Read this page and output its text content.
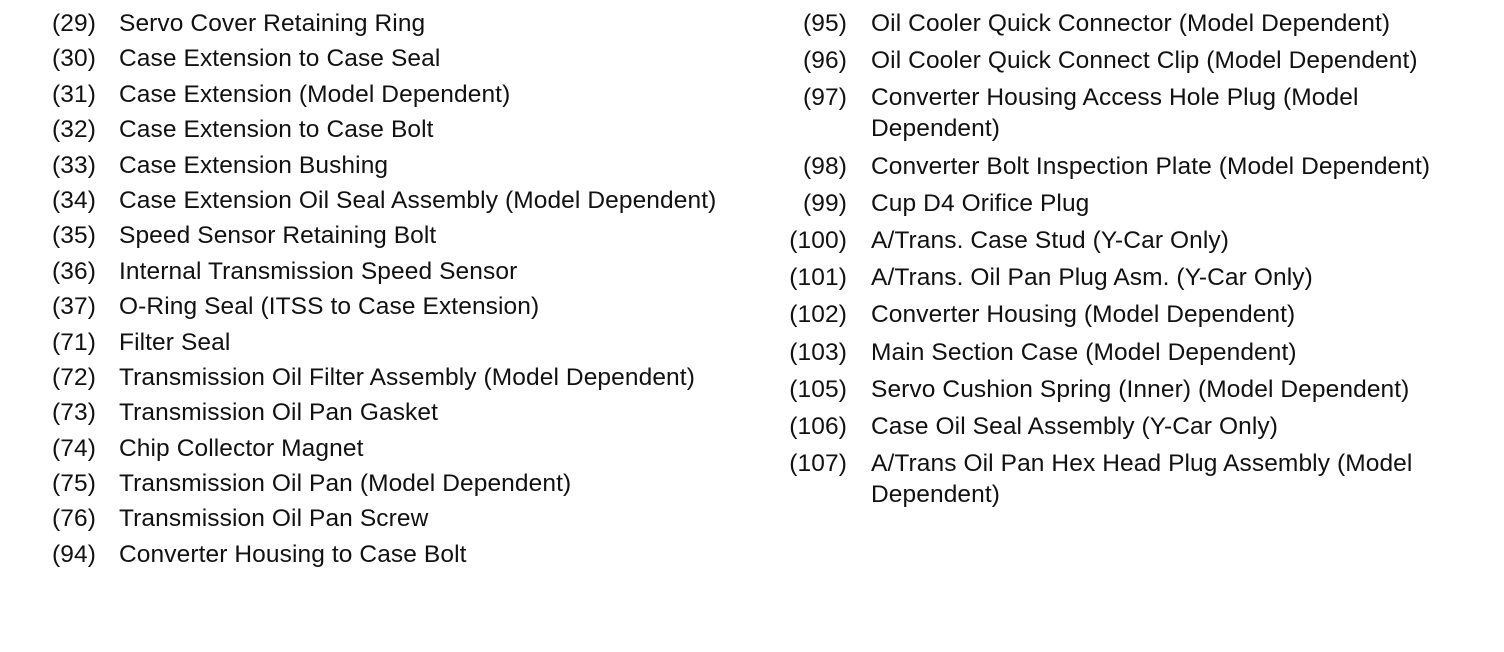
(29) Servo Cover Retaining Ring
(30) Case Extension to Case Seal
(31) Case Extension (Model Dependent)
(32) Case Extension to Case Bolt
(33) Case Extension Bushing
(34) Case Extension Oil Seal Assembly (Model Dependent)
(35) Speed Sensor Retaining Bolt
(36) Internal Transmission Speed Sensor
(37) O-Ring Seal (ITSS to Case Extension)
(71) Filter Seal
(72) Transmission Oil Filter Assembly (Model Dependent)
(73) Transmission Oil Pan Gasket
(74) Chip Collector Magnet
(75) Transmission Oil Pan (Model Dependent)
(76) Transmission Oil Pan Screw
(94) Converter Housing to Case Bolt
(95) Oil Cooler Quick Connector (Model Dependent)
(96) Oil Cooler Quick Connect Clip (Model Dependent)
(97) Converter Housing Access Hole Plug (Model Dependent)
(98) Converter Bolt Inspection Plate (Model Dependent)
(99) Cup D4 Orifice Plug
(100) A/Trans. Case Stud (Y-Car Only)
(101) A/Trans. Oil Pan Plug Asm. (Y-Car Only)
(102) Converter Housing (Model Dependent)
(103) Main Section Case (Model Dependent)
(105) Servo Cushion Spring (Inner) (Model Dependent)
(106) Case Oil Seal Assembly (Y-Car Only)
(107) A/Trans Oil Pan Hex Head Plug Assembly (Model Dependent)
